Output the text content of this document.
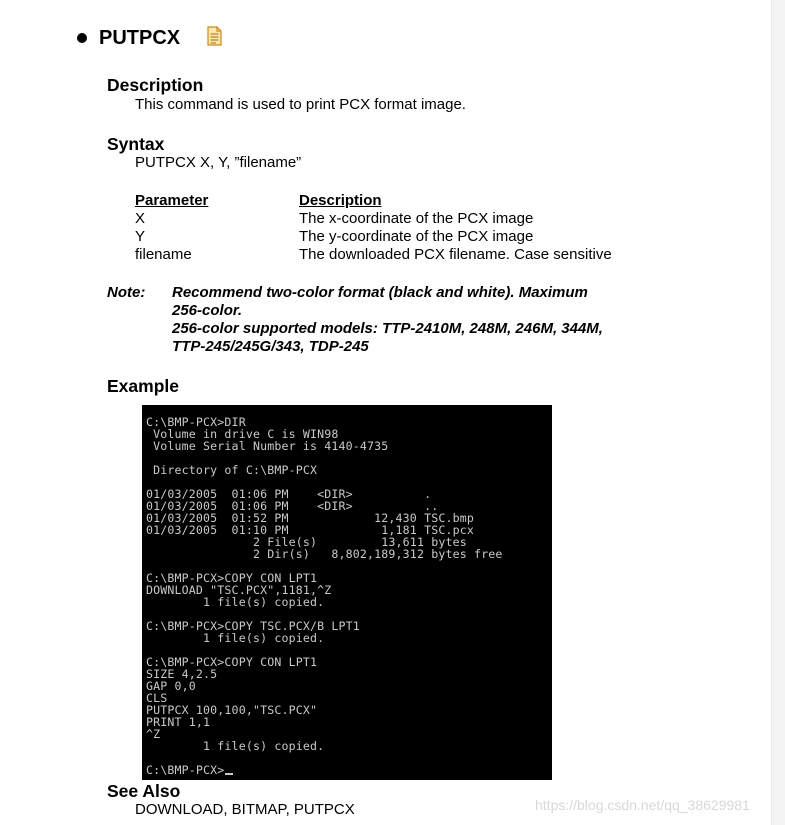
PUTPCX
Description
This command is used to print PCX format image.
Syntax
PUTPCX X, Y, ”filename”
Parameter	Description
X	The x-coordinate of the PCX image
Y	The y-coordinate of the PCX image
filename	The downloaded PCX filename. Case sensitive
Note: Recommend two-color format (black and white). Maximum
256-color.
256-color supported models: TTP-2410M, 248M, 246M, 344M,
TTP-245/245G/343, TDP-245
Example
C:\BMP-PCX>DIR
Volume in drive C is WIN98
Volume Serial Number is 4140-4735
Directory of C:\BMP-PCX
01/03/2005  01:06 PM    <DIR>          .
01/03/2005  01:06 PM    <DIR>          ..
01/03/2005  01:52 PM            12,430 TSC.bmp
01/03/2005  01:10 PM             1,181 TSC.pcx
2 File(s)         13,611 bytes
2 Dir(s)   8,802,189,312 bytes free
C:\BMP-PCX>COPY CON LPT1
DOWNLOAD "TSC.PCX",1181,^Z
1 file(s) copied.
C:\BMP-PCX>COPY TSC.PCX/B LPT1
1 file(s) copied.
C:\BMP-PCX>COPY CON LPT1
SIZE 4,2.5
GAP 0,0
CLS
PUTPCX 100,100,"TSC.PCX"
PRINT 1,1
^Z
1 file(s) copied.
C:\BMP-PCX>
See Also
DOWNLOAD, BITMAP, PUTPCX	https://blog.csdn.net/qq_38629981
